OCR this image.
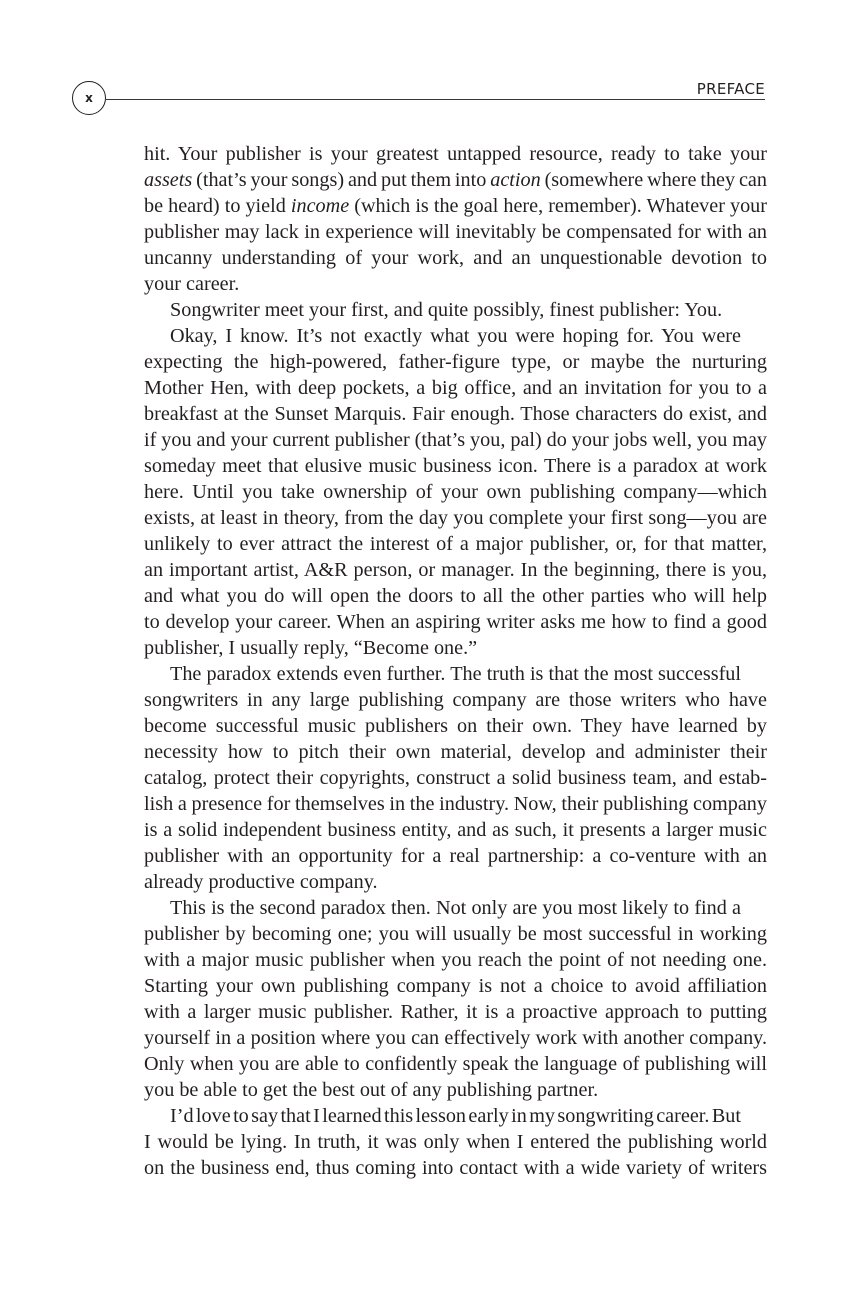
x	PREFACE

hit. Your publisher is your greatest untapped resource, ready to take your
assets (that’s your songs) and put them into action (somewhere where they can
be heard) to yield income (which is the goal here, remember). Whatever your
publisher may lack in experience will inevitably be compensated for with an
uncanny understanding of your work, and an unquestionable devotion to
your career.

Songwriter meet your first, and quite possibly, finest publisher: You.

Okay, I know. It’s not exactly what you were hoping for. You were
expecting the high-powered, father-figure type, or maybe the nurturing
Mother Hen, with deep pockets, a big office, and an invitation for you to a
breakfast at the Sunset Marquis. Fair enough. Those characters do exist, and
if you and your current publisher (that’s you, pal) do your jobs well, you may
someday meet that elusive music business icon. There is a paradox at work
here. Until you take ownership of your own publishing company—which
exists, at least in theory, from the day you complete your first song—you are
unlikely to ever attract the interest of a major publisher, or, for that matter,
an important artist, A&R person, or manager. In the beginning, there is you,
and what you do will open the doors to all the other parties who will help
to develop your career. When an aspiring writer asks me how to find a good
publisher, I usually reply, “Become one.”

The paradox extends even further. The truth is that the most successful
songwriters in any large publishing company are those writers who have
become successful music publishers on their own. They have learned by
necessity how to pitch their own material, develop and administer their
catalog, protect their copyrights, construct a solid business team, and estab-
lish a presence for themselves in the industry. Now, their publishing company
is a solid independent business entity, and as such, it presents a larger music
publisher with an opportunity for a real partnership: a co-venture with an
already productive company.

This is the second paradox then. Not only are you most likely to find a
publisher by becoming one; you will usually be most successful in working
with a major music publisher when you reach the point of not needing one.
Starting your own publishing company is not a choice to avoid affiliation
with a larger music publisher. Rather, it is a proactive approach to putting
yourself in a position where you can effectively work with another company.
Only when you are able to confidently speak the language of publishing will
you be able to get the best out of any publishing partner.

I’d love to say that I learned this lesson early in my songwriting career. But
I would be lying. In truth, it was only when I entered the publishing world
on the business end, thus coming into contact with a wide variety of writers
